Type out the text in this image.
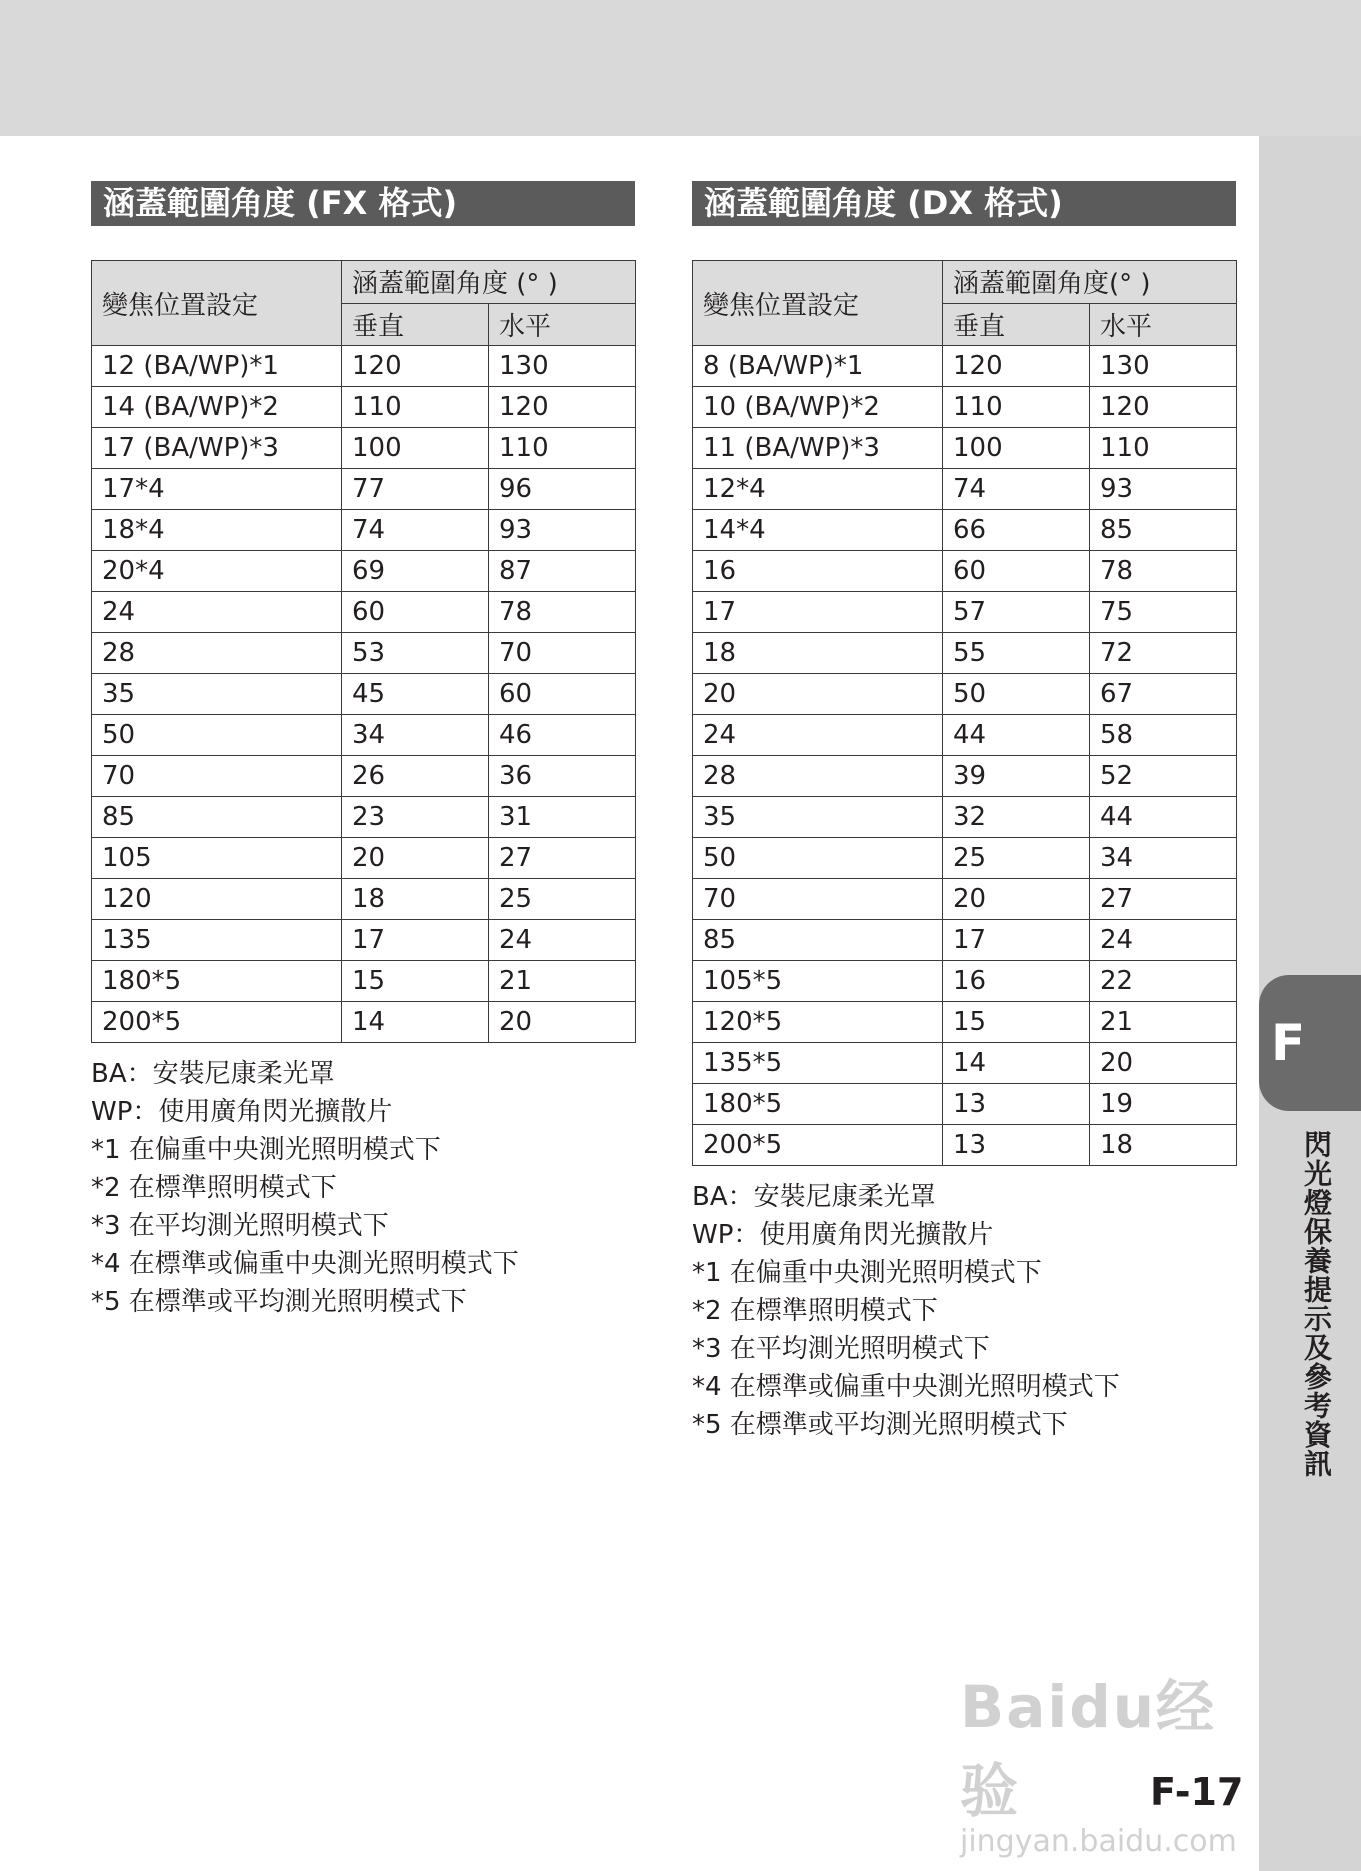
F
閃光燈保養提示及參考資訊
涵蓋範圍角度 (FX 格式)
變焦位置設定	涵蓋範圍角度 (° )	
	垂直	水平
12 (BA/WP)*1	120	130
14 (BA/WP)*2	110	120
17 (BA/WP)*3	100	110
17*4	77	96
18*4	74	93
20*4	69	87
24	60	78
28	53	70
35	45	60
50	34	46
70	26	36
85	23	31
105	20	27
120	18	25
135	17	24
180*5	15	21
200*5	14	20
BA：安裝尼康柔光罩
WP：使用廣角閃光擴散片
*1 在偏重中央測光照明模式下
*2 在標準照明模式下
*3 在平均測光照明模式下
*4 在標準或偏重中央測光照明模式下
*5 在標準或平均測光照明模式下
涵蓋範圍角度 (DX 格式)
變焦位置設定	涵蓋範圍角度(° )	
	垂直	水平
8 (BA/WP)*1	120	130
10 (BA/WP)*2	110	120
11 (BA/WP)*3	100	110
12*4	74	93
14*4	66	85
16	60	78
17	57	75
18	55	72
20	50	67
24	44	58
28	39	52
35	32	44
50	25	34
70	20	27
85	17	24
105*5	16	22
120*5	15	21
135*5	14	20
180*5	13	19
200*5	13	18
BA：安裝尼康柔光罩
WP：使用廣角閃光擴散片
*1 在偏重中央測光照明模式下
*2 在標準照明模式下
*3 在平均測光照明模式下
*4 在標準或偏重中央測光照明模式下
*5 在標準或平均測光照明模式下
Baidu经验
jingyan.baidu.com
F-17
